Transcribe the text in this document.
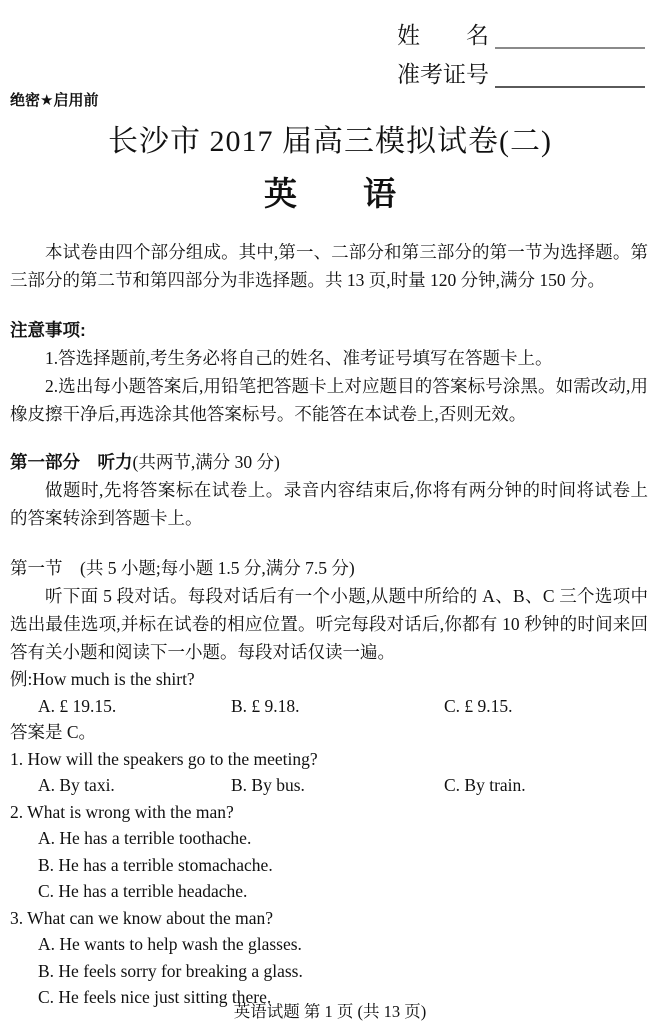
姓　　名
准考证号
绝密★启用前
长沙市 2017 届高三模拟试卷(二)
英　　语

本试卷由四个部分组成。其中,第一、二部分和第三部分的第一节为选择题。第三部分的第二节和第四部分为非选择题。共 13 页,时量 120 分钟,满分 150 分。

注意事项:

1.答选择题前,考生务必将自己的姓名、准考证号填写在答题卡上。

2.选出每小题答案后,用铅笔把答题卡上对应题目的答案标号涂黑。如需改动,用橡皮擦干净后,再选涂其他答案标号。不能答在本试卷上,否则无效。

第一部分　听力(共两节,满分 30 分)

做题时,先将答案标在试卷上。录音内容结束后,你将有两分钟的时间将试卷上的答案转涂到答题卡上。

第一节　(共 5 小题;每小题 1.5 分,满分 7.5 分)

听下面 5 段对话。每段对话后有一个小题,从题中所给的 A、B、C 三个选项中选出最佳选项,并标在试卷的相应位置。听完每段对话后,你都有 10 秒钟的时间来回答有关小题和阅读下一小题。每段对话仅读一遍。

例:How much is the shirt?

A. £ 19.15.	B. £ 9.18.	C. £ 9.15.

答案是 C。

1. How will the speakers go to the meeting?

A. By taxi.	B. By bus.	C. By train.

2. What is wrong with the man?

A. He has a terrible toothache.

B. He has a terrible stomachache.

C. He has a terrible headache.

3. What can we know about the man?

A. He wants to help wash the glasses.

B. He feels sorry for breaking a glass.

C. He feels nice just sitting there.

英语试题 第 1 页 (共 13 页)
